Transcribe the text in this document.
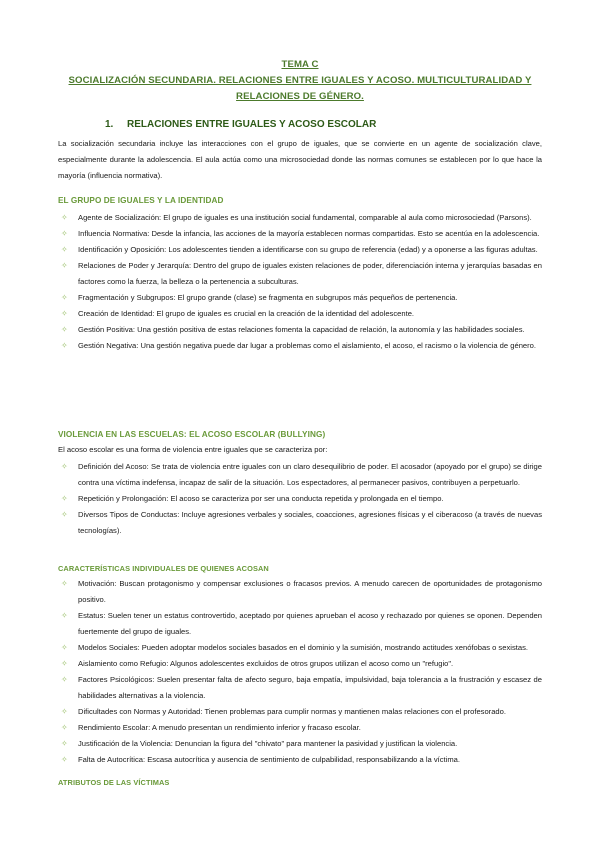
TEMA C
SOCIALIZACIÓN SECUNDARIA. RELACIONES ENTRE IGUALES Y ACOSO. MULTICULTURALIDAD Y
RELACIONES DE GÉNERO.
1. RELACIONES ENTRE IGUALES Y ACOSO ESCOLAR
La socialización secundaria incluye las interacciones con el grupo de iguales, que se convierte en un agente de socialización clave, especialmente durante la adolescencia. El aula actúa como una microsociedad donde las normas comunes se establecen por lo que hace la mayoría (influencia normativa).
EL GRUPO DE IGUALES Y LA IDENTIDAD
✧ Agente de Socialización: El grupo de iguales es una institución social fundamental, comparable al aula como microsociedad (Parsons).
✧ Influencia Normativa: Desde la infancia, las acciones de la mayoría establecen normas compartidas. Esto se acentúa en la adolescencia.
✧ Identificación y Oposición: Los adolescentes tienden a identificarse con su grupo de referencia (edad) y a oponerse a las figuras adultas.
✧ Relaciones de Poder y Jerarquía: Dentro del grupo de iguales existen relaciones de poder, diferenciación interna y jerarquías basadas en factores como la fuerza, la belleza o la pertenencia a subculturas.
✧ Fragmentación y Subgrupos: El grupo grande (clase) se fragmenta en subgrupos más pequeños de pertenencia.
✧ Creación de Identidad: El grupo de iguales es crucial en la creación de la identidad del adolescente.
✧ Gestión Positiva: Una gestión positiva de estas relaciones fomenta la capacidad de relación, la autonomía y las habilidades sociales.
✧ Gestión Negativa: Una gestión negativa puede dar lugar a problemas como el aislamiento, el acoso, el racismo o la violencia de género.
VIOLENCIA EN LAS ESCUELAS: EL ACOSO ESCOLAR (BULLYING)
El acoso escolar es una forma de violencia entre iguales que se caracteriza por:
✧ Definición del Acoso: Se trata de violencia entre iguales con un claro desequilibrio de poder. El acosador (apoyado por el grupo) se dirige contra una víctima indefensa, incapaz de salir de la situación. Los espectadores, al permanecer pasivos, contribuyen a perpetuarlo.
✧ Repetición y Prolongación: El acoso se caracteriza por ser una conducta repetida y prolongada en el tiempo.
✧ Diversos Tipos de Conductas: Incluye agresiones verbales y sociales, coacciones, agresiones físicas y el ciberacoso (a través de nuevas tecnologías).
CARACTERÍSTICAS INDIVIDUALES DE QUIENES ACOSAN
✧ Motivación: Buscan protagonismo y compensar exclusiones o fracasos previos. A menudo carecen de oportunidades de protagonismo positivo.
✧ Estatus: Suelen tener un estatus controvertido, aceptado por quienes aprueban el acoso y rechazado por quienes se oponen. Dependen fuertemente del grupo de iguales.
✧ Modelos Sociales: Pueden adoptar modelos sociales basados en el dominio y la sumisión, mostrando actitudes xenófobas o sexistas.
✧ Aislamiento como Refugio: Algunos adolescentes excluidos de otros grupos utilizan el acoso como un "refugio".
✧ Factores Psicológicos: Suelen presentar falta de afecto seguro, baja empatía, impulsividad, baja tolerancia a la frustración y escasez de habilidades alternativas a la violencia.
✧ Dificultades con Normas y Autoridad: Tienen problemas para cumplir normas y mantienen malas relaciones con el profesorado.
✧ Rendimiento Escolar: A menudo presentan un rendimiento inferior y fracaso escolar.
✧ Justificación de la Violencia: Denuncian la figura del "chivato" para mantener la pasividad y justifican la violencia.
✧ Falta de Autocrítica: Escasa autocrítica y ausencia de sentimiento de culpabilidad, responsabilizando a la víctima.
ATRIBUTOS DE LAS VÍCTIMAS
